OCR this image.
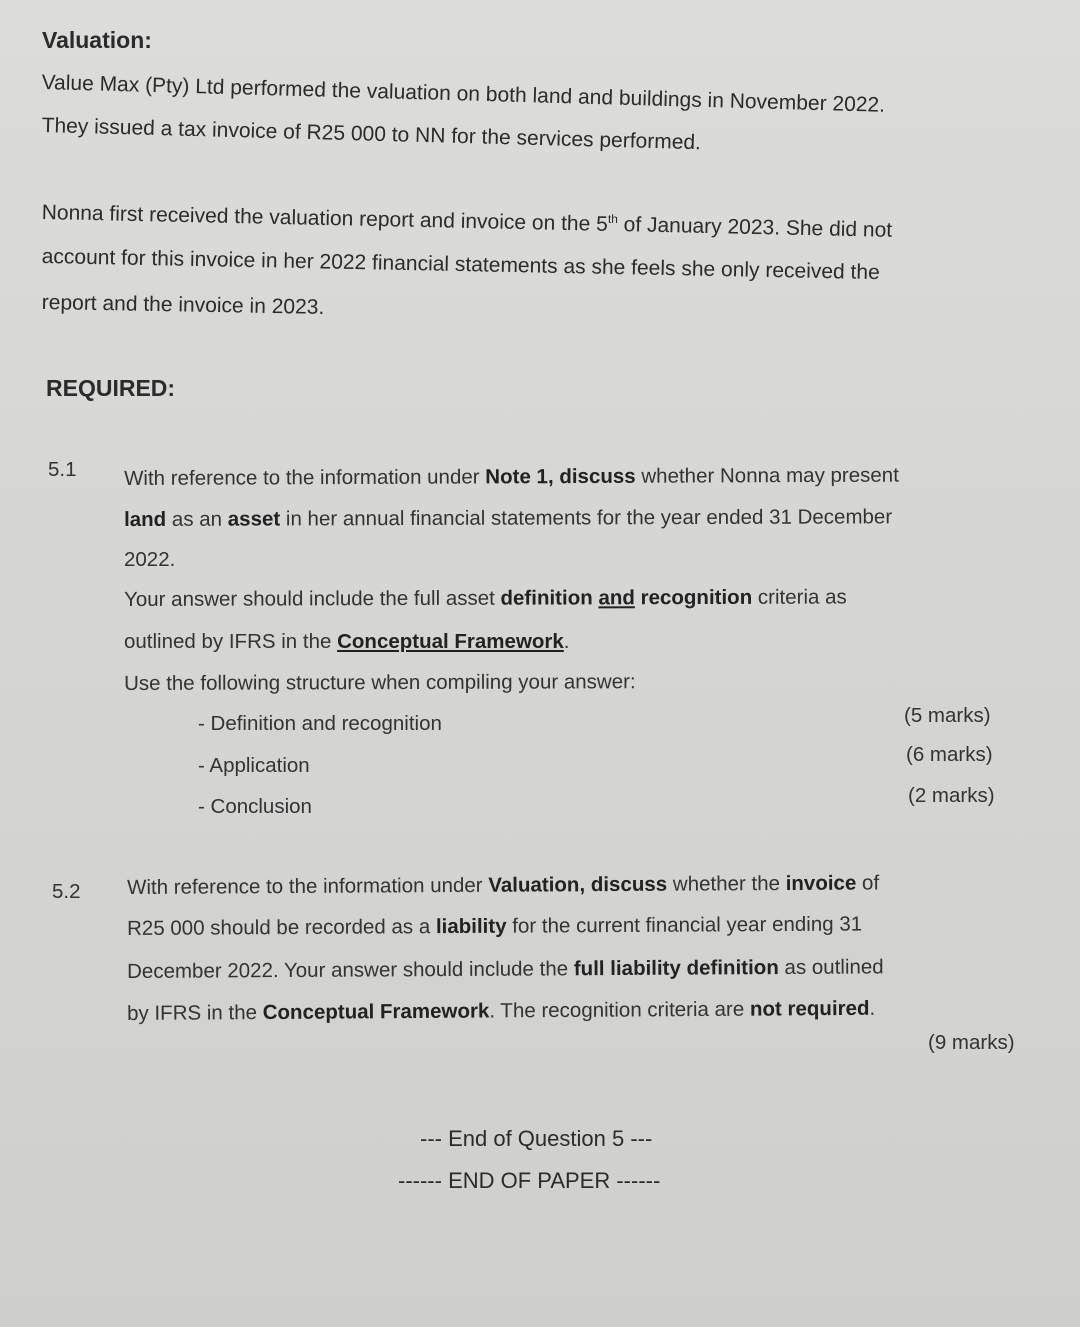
Valuation:
Value Max (Pty) Ltd performed the valuation on both land and buildings in November 2022.
They issued a tax invoice of R25 000 to NN for the services performed.
Nonna first received the valuation report and invoice on the 5th of January 2023. She did not
account for this invoice in her 2022 financial statements as she feels she only received the
report and the invoice in 2023.
REQUIRED:
5.1 With reference to the information under Note 1, discuss whether Nonna may present
land as an asset in her annual financial statements for the year ended 31 December
2022.
Your answer should include the full asset definition and recognition criteria as
outlined by IFRS in the Conceptual Framework.
Use the following structure when compiling your answer:
- Definition and recognition	(5 marks)
- Application	(6 marks)
- Conclusion	(2 marks)
5.2 With reference to the information under Valuation, discuss whether the invoice of
R25 000 should be recorded as a liability for the current financial year ending 31
December 2022. Your answer should include the full liability definition as outlined
by IFRS in the Conceptual Framework. The recognition criteria are not required.
(9 marks)
--- End of Question 5 ---
------ END OF PAPER ------
